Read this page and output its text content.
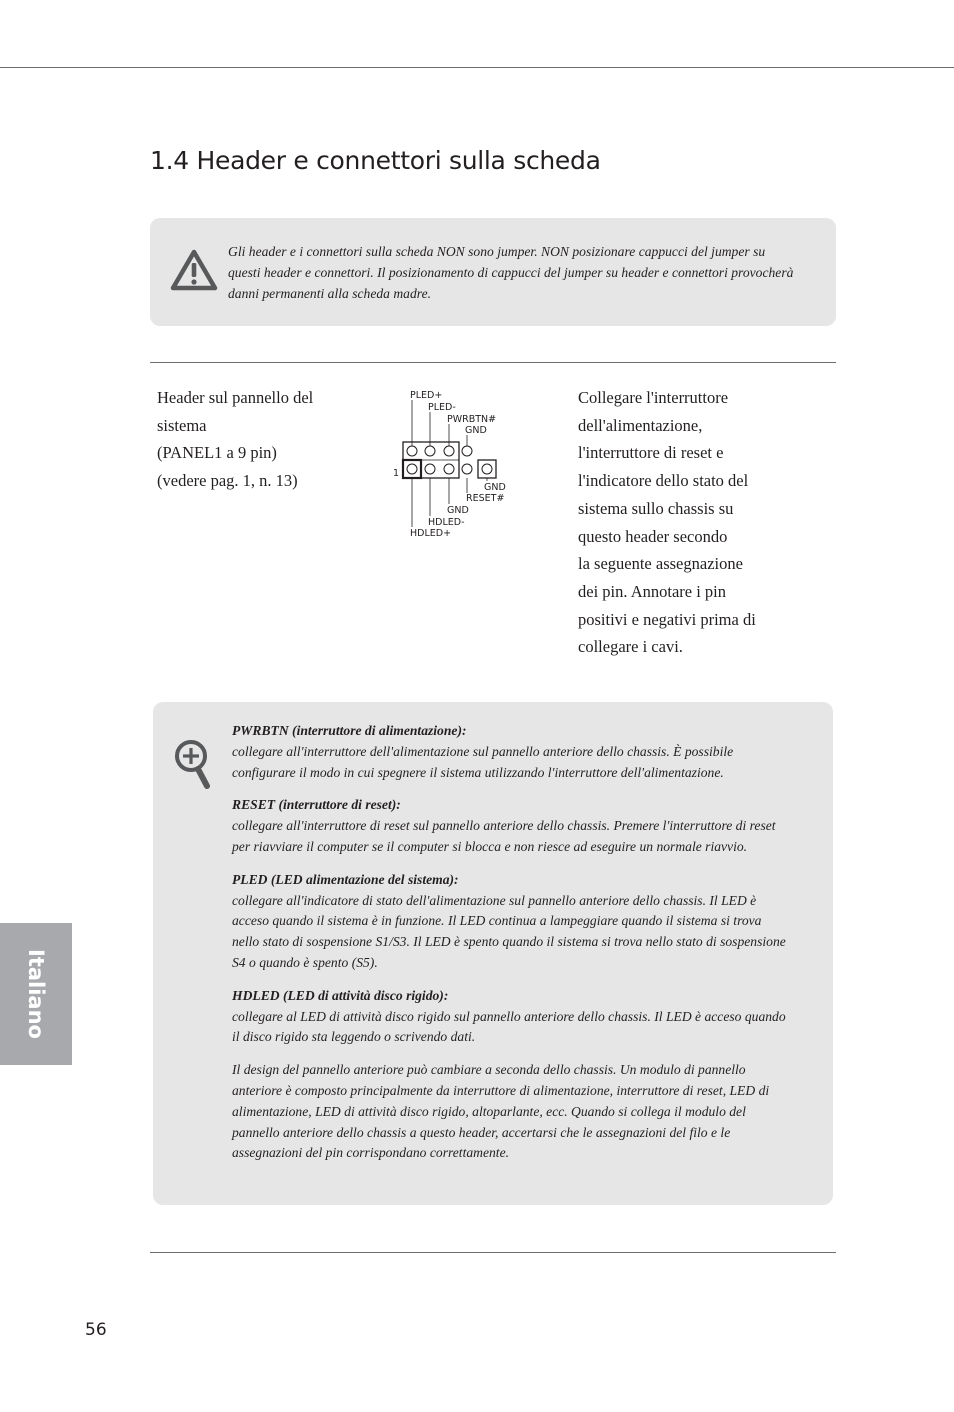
1.4 Header e connettori sulla scheda
Gli header e i connettori sulla scheda NON sono jumper. NON posizionare cappucci del jumper su questi header e connettori. Il posizionamento di cappucci del jumper su header e connettori provocherà danni permanenti alla scheda madre.
Header sul pannello del
sistema
(PANEL1 a 9 pin)
(vedere pag. 1, n. 13)
PLED+
PLED-
PWRBTN#
GND
1
GND
RESET#
GND
HDLED-
HDLED+
Collegare l'interruttore
dell'alimentazione,
l'interruttore di reset e
l'indicatore dello stato del
sistema sullo chassis su
questo header secondo
la seguente assegnazione
dei pin. Annotare i pin
positivi e negativi prima di
collegare i cavi.
PWRBTN (interruttore di alimentazione):
collegare all'interruttore dell'alimentazione sul pannello anteriore dello chassis. È possibile configurare il modo in cui spegnere il sistema utilizzando l'interruttore dell'alimentazione.
RESET (interruttore di reset):
collegare all'interruttore di reset sul pannello anteriore dello chassis. Premere l'interruttore di reset per riavviare il computer se il computer si blocca e non riesce ad eseguire un normale riavvio.
PLED (LED alimentazione del sistema):
collegare all'indicatore di stato dell'alimentazione sul pannello anteriore dello chassis. Il LED è acceso quando il sistema è in funzione. Il LED continua a lampeggiare quando il sistema si trova nello stato di sospensione S1/S3. Il LED è spento quando il sistema si trova nello stato di sospensione S4 o quando è spento (S5).
HDLED (LED di attività disco rigido):
collegare al LED di attività disco rigido sul pannello anteriore dello chassis. Il LED è acceso quando il disco rigido sta leggendo o scrivendo dati.
Il design del pannello anteriore può cambiare a seconda dello chassis. Un modulo di pannello anteriore è composto principalmente da interruttore di alimentazione, interruttore di reset, LED di alimentazione, LED di attività disco rigido, altoparlante, ecc. Quando si collega il modulo del pannello anteriore dello chassis a questo header, accertarsi che le assegnazioni del filo e le assegnazioni del pin corrispondano correttamente.
Italiano
56
